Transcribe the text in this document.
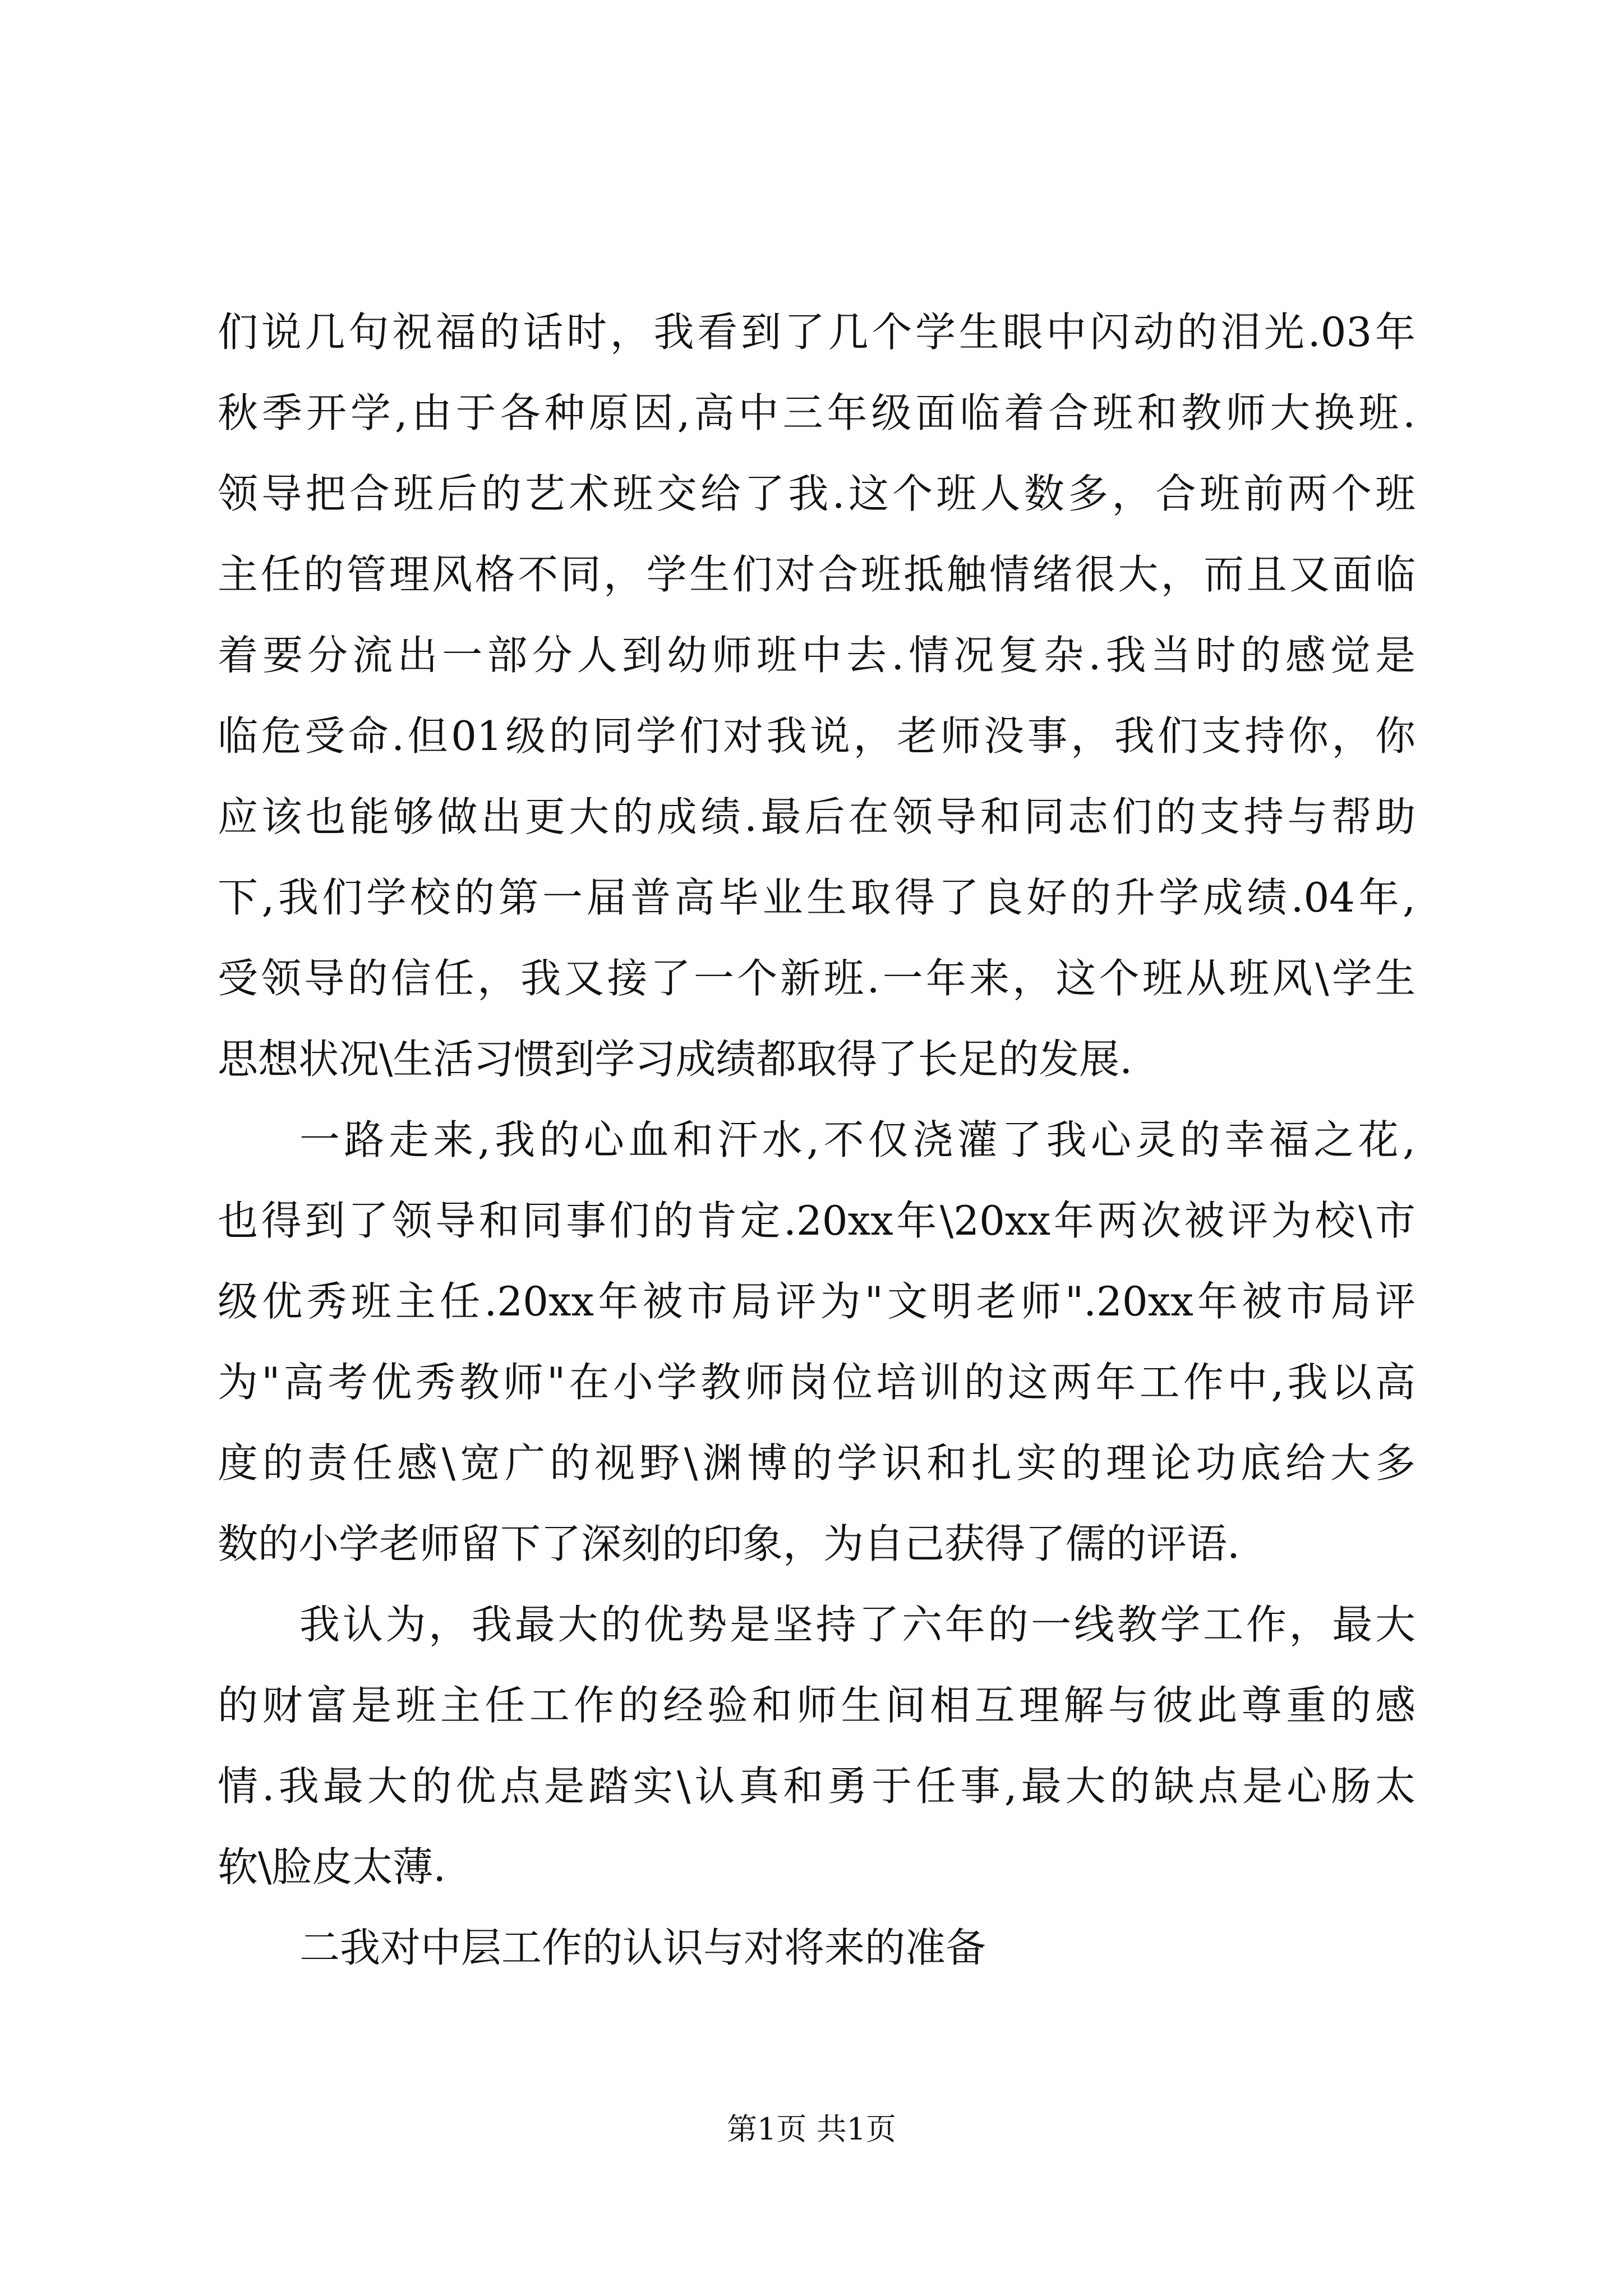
们说几句祝福的话时，我看到了几个学生眼中闪动的泪光.03年
秋季开学,由于各种原因,高中三年级面临着合班和教师大换班.
领导把合班后的艺术班交给了我.这个班人数多，合班前两个班
主任的管理风格不同，学生们对合班抵触情绪很大，而且又面临
着要分流出一部分人到幼师班中去.情况复杂.我当时的感觉是
临危受命.但01级的同学们对我说，老师没事，我们支持你，你
应该也能够做出更大的成绩.最后在领导和同志们的支持与帮助
下,我们学校的第一届普高毕业生取得了良好的升学成绩.04年,
受领导的信任，我又接了一个新班.一年来，这个班从班风\学生
思想状况\生活习惯到学习成绩都取得了长足的发展.
一路走来,我的心血和汗水,不仅浇灌了我心灵的幸福之花,
也得到了领导和同事们的肯定.20xx年\20xx年两次被评为校\市
级优秀班主任.20xx年被市局评为"文明老师".20xx年被市局评
为"高考优秀教师"在小学教师岗位培训的这两年工作中,我以高
度的责任感\宽广的视野\渊博的学识和扎实的理论功底给大多
数的小学老师留下了深刻的印象，为自己获得了儒的评语.
我认为，我最大的优势是坚持了六年的一线教学工作，最大
的财富是班主任工作的经验和师生间相互理解与彼此尊重的感
情.我最大的优点是踏实\认真和勇于任事,最大的缺点是心肠太
软\脸皮太薄.
二我对中层工作的认识与对将来的准备
第1页 共1页
